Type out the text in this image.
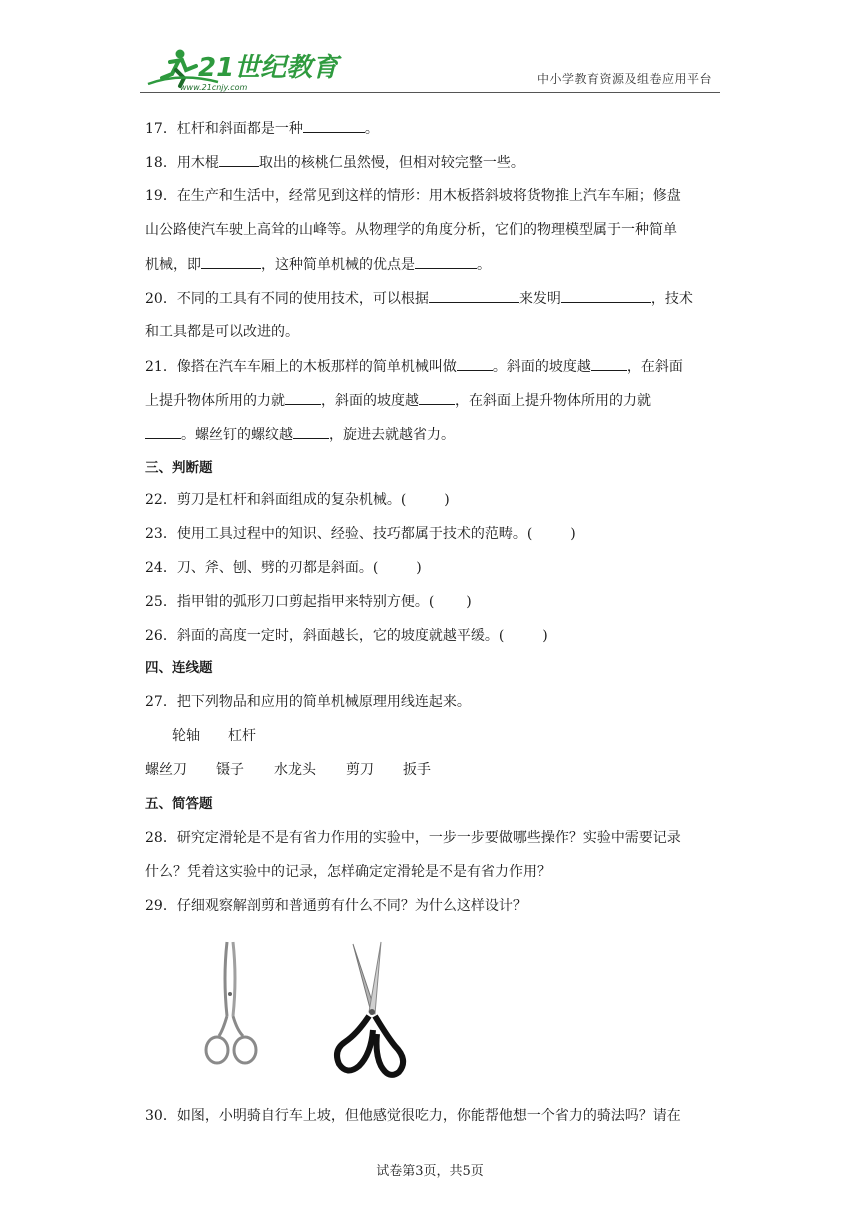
21世纪教育
www.21cnjy.com
中小学教育资源及组卷应用平台
17．杠杆和斜面都是一种	。
18．用木棍	取出的核桃仁虽然慢，但相对较完整一些。
19．在生产和生活中，经常见到这样的情形：用木板搭斜坡将货物推上汽车车厢；修盘
山公路使汽车驶上高耸的山峰等。从物理学的角度分析，它们的物理模型属于一种简单
机械，即	，这种简单机械的优点是	。
20．不同的工具有不同的使用技术，可以根据	来发明	，技术
和工具都是可以改进的。
21．像搭在汽车车厢上的木板那样的简单机械叫做	。斜面的坡度越	，在斜面
上提升物体所用的力就	，斜面的坡度越	，在斜面上提升物体所用的力就
。螺丝钉的螺纹越	，旋进去就越省力。
三、判断题
22．剪刀是杠杆和斜面组成的复杂机械。(	)
23．使用工具过程中的知识、经验、技巧都属于技术的范畴。(	)
24．刀、斧、刨、劈的刃都是斜面。(	)
25．指甲钳的弧形刀口剪起指甲来特别方便。( )
26．斜面的高度一定时，斜面越长，它的坡度就越平缓。(	)
四、连线题
27．把下列物品和应用的简单机械原理用线连起来。
轮轴 杠杆
螺丝刀 镊子 水龙头 剪刀 扳手
五、简答题
28．研究定滑轮是不是有省力作用的实验中，一步一步要做哪些操作？实验中需要记录
什么？凭着这实验中的记录，怎样确定定滑轮是不是有省力作用？
29．仔细观察解剖剪和普通剪有什么不同？为什么这样设计？
30．如图，小明骑自行车上坡，但他感觉很吃力，你能帮他想一个省力的骑法吗？请在
试卷第3页，共5页
